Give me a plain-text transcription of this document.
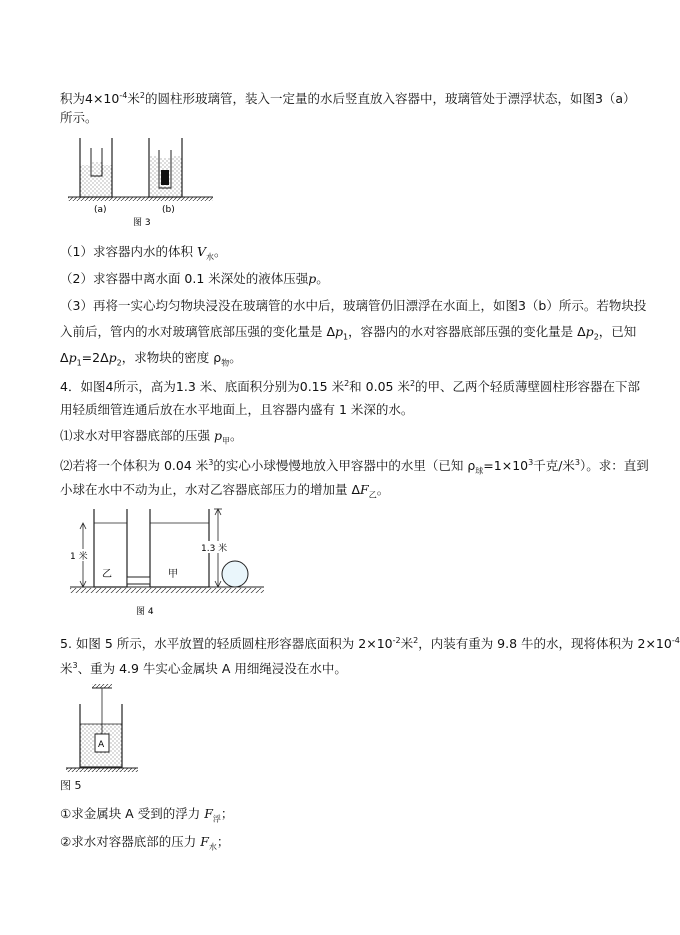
积为$4\times 10^{-4}$米$^2$的圆柱形玻璃管，装入一定量的水后竖直放入容器中，玻璃管处于漂浮状态，如图3（a）
所示。
(a)	(b)
图 3
（1）求容器内水的体积 $V_水$。
（2）求容器中离水面 0.1 米深处的液体压强p。
（3）再将一实心均匀物块浸没在玻璃管的水中后，玻璃管仍旧漂浮在水面上，如图3（b）所示。若物块投
入前后，管内的水对玻璃管底部压强的变化量是 $\Delta p_1$，容器内的水对容器底部压强的变化量是 $\Delta p_2$，已知
$\Delta p_1=2\Delta p_2$，求物块的密度 $\rho_物$。
4．如图4所示，高为1.3 米、底面积分别为0.15 米$^2$和 0.05 米$^2$的甲、乙两个轻质薄壁圆柱形容器在下部
用轻质细管连通后放在水平地面上，且容器内盛有 1 米深的水。
⑴求水对甲容器底部的压强 $p_甲$。
⑵若将一个体积为 0.04 米$^3$的实心小球慢慢地放入甲容器中的水里（已知 $\rho_球=1\times 10^3$千克/米$^3$）。求：直到
小球在水中不动为止，水对乙容器底部压力的增加量 $\Delta F_乙$。
1 米
1.3 米
乙	甲
图 4
5. 如图 5 所示，水平放置的轻质圆柱形容器底面积为 $2\times 10^{-2}$米$^2$，内装有重为 9.8 牛的水，现将体积为 $2\times 10^{-4}$
米$^3$、重为 4.9 牛实心金属块 A 用细绳浸没在水中。
A
图 5
①求金属块 A 受到的浮力 $F_浮$；
②求水对容器底部的压力 $F_水$；
